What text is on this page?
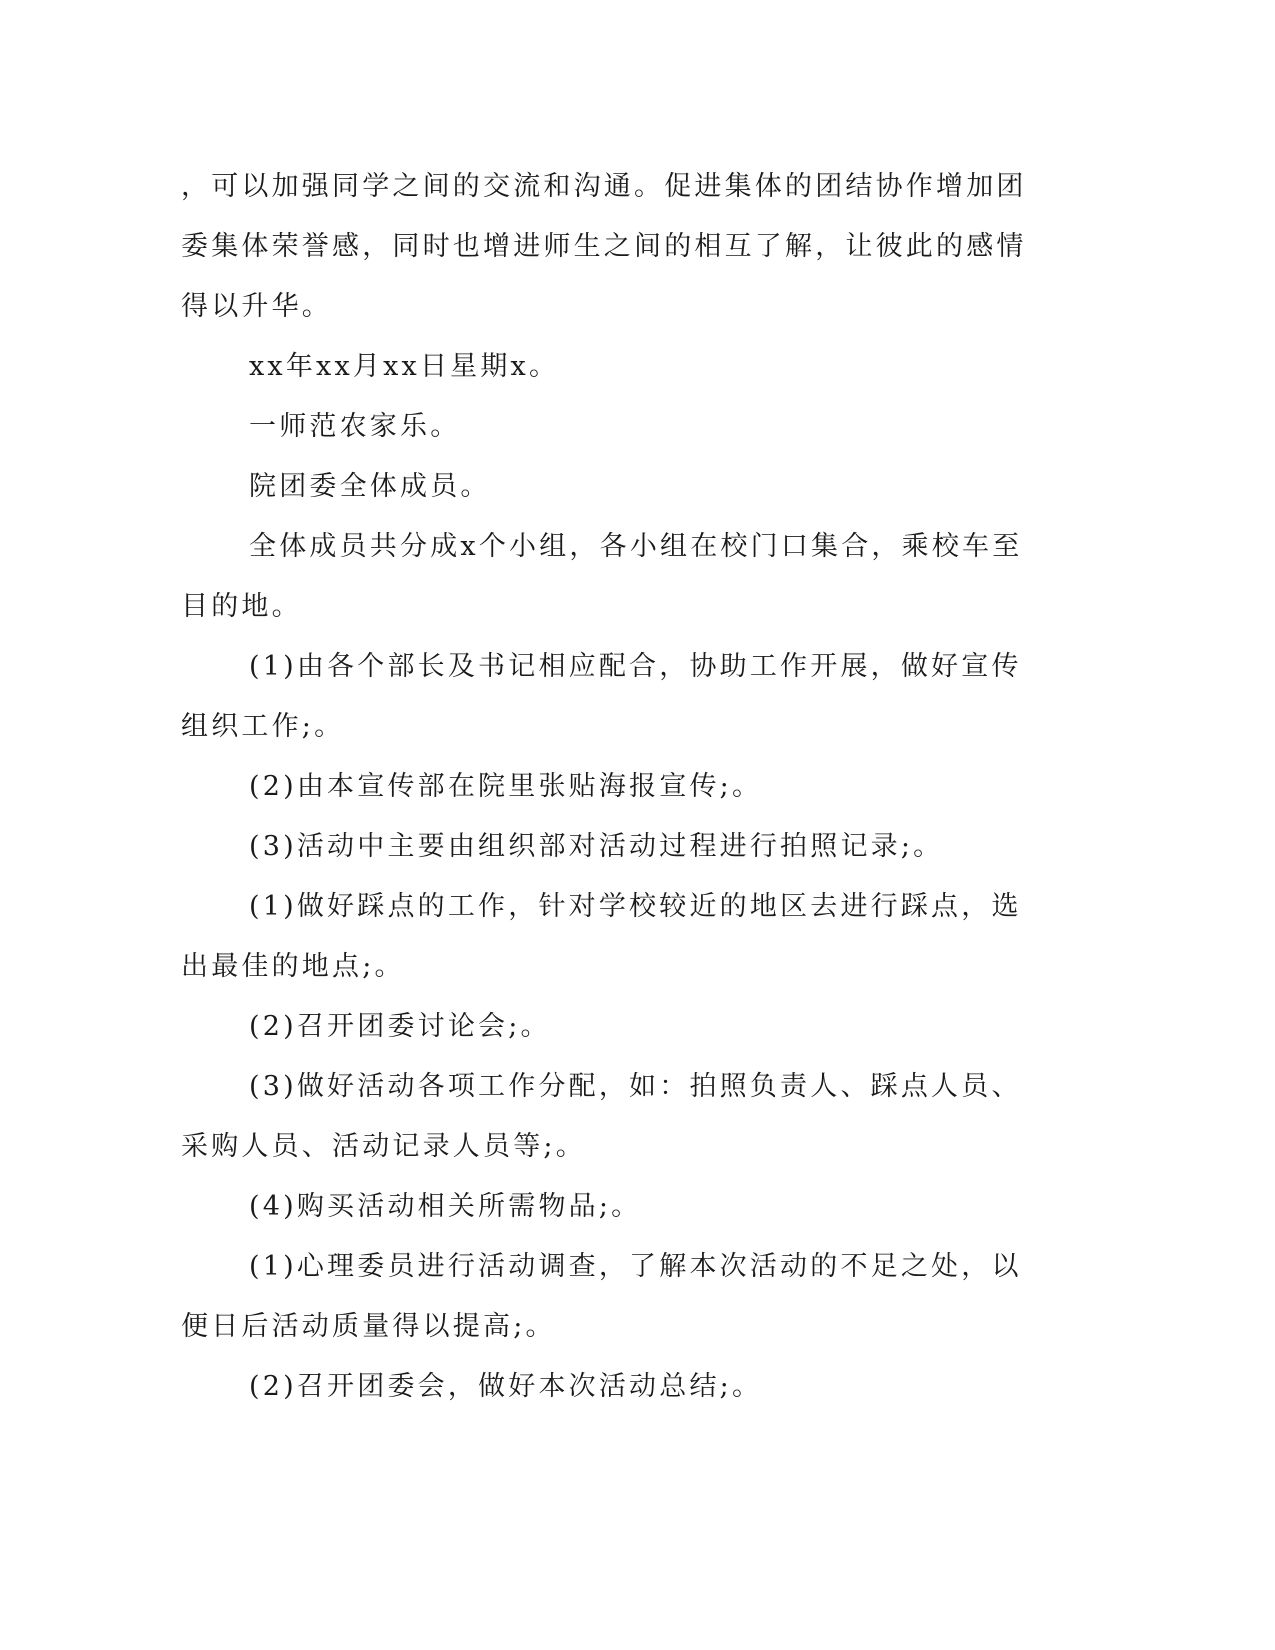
，可以加强同学之间的交流和沟通。促进集体的团结协作增加团委集体荣誉感，同时也增进师生之间的相互了解，让彼此的感情得以升华。

xx年xx月xx日星期x。

一师范农家乐。

院团委全体成员。

全体成员共分成x个小组，各小组在校门口集合，乘校车至目的地。

(1)由各个部长及书记相应配合，协助工作开展，做好宣传组织工作;。

(2)由本宣传部在院里张贴海报宣传;。

(3)活动中主要由组织部对活动过程进行拍照记录;。

(1)做好踩点的工作，针对学校较近的地区去进行踩点，选出最佳的地点;。

(2)召开团委讨论会;。

(3)做好活动各项工作分配，如：拍照负责人、踩点人员、采购人员、活动记录人员等;。

(4)购买活动相关所需物品;。

(1)心理委员进行活动调查，了解本次活动的不足之处，以便日后活动质量得以提高;。

(2)召开团委会，做好本次活动总结;。
